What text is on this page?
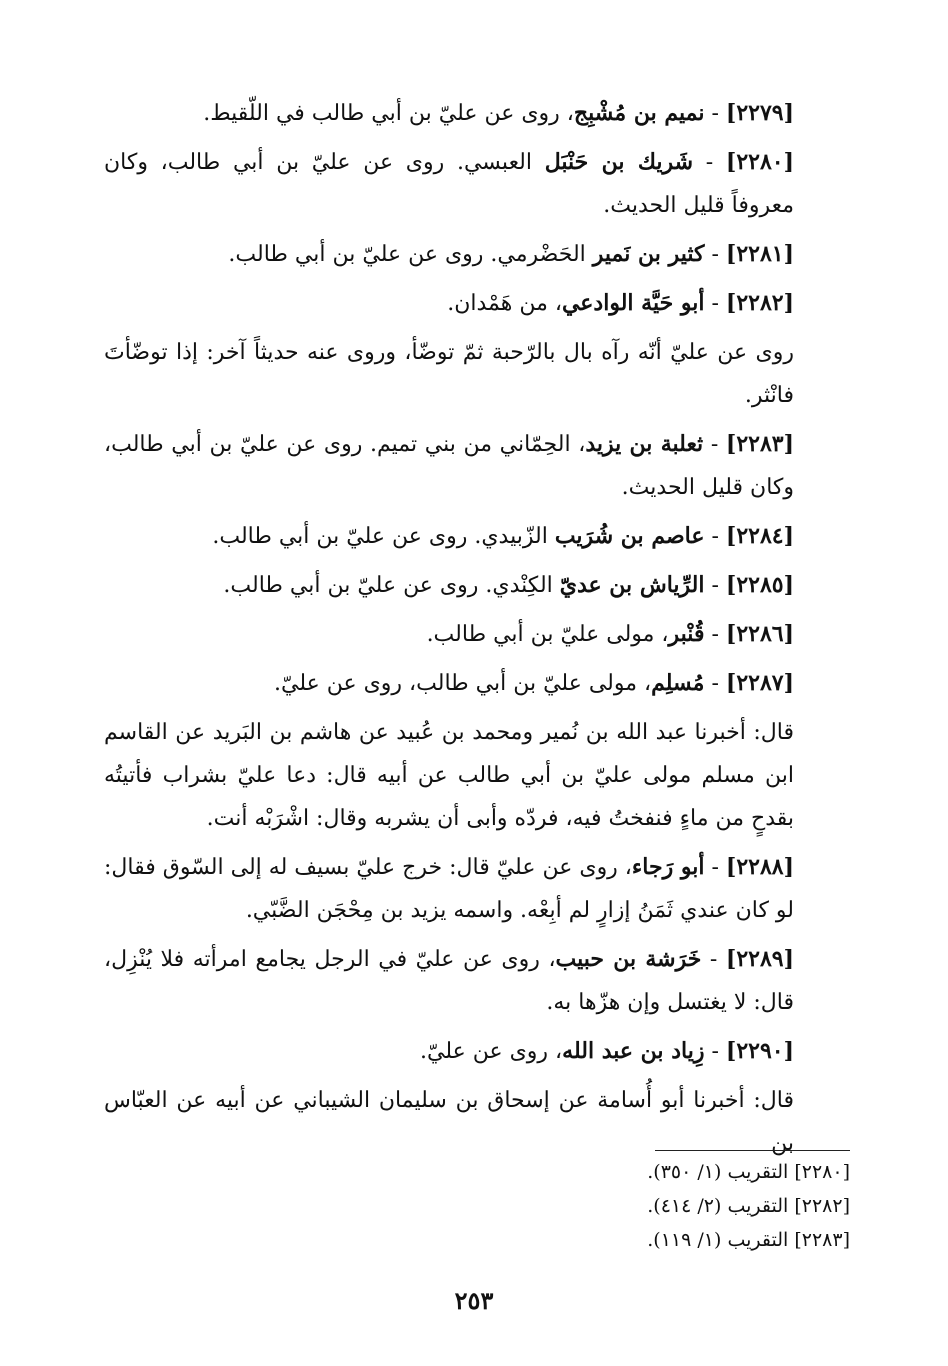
[٢٢٧٩] - نميم بن مُشْبِج، روى عن عليّ بن أبي طالب في اللّقيط.

[٢٢٨٠] - شَريك بن حَنْبَل العبسي. روى عن عليّ بن أبي طالب، وكان معروفاً قليل الحديث.

[٢٢٨١] - كثير بن نَمير الحَضْرمي. روى عن عليّ بن أبي طالب.

[٢٢٨٢] - أبو حَيَّة الوادعي، من هَمْدان.

روى عن عليّ أنّه رآه بال بالرّحبة ثمّ توضّأ، وروى عنه حديثاً آخر: إذا توضّأتَ فانْثر.

[٢٢٨٣] - ثعلبة بن يزيد، الحِمّاني من بني تميم. روى عن عليّ بن أبي طالب، وكان قليل الحديث.

[٢٢٨٤] - عاصم بن شُرَيب الزّبيدي. روى عن عليّ بن أبي طالب.

[٢٢٨٥] - الرِّياش بن عديّ الكِنْدي. روى عن عليّ بن أبي طالب.

[٢٢٨٦] - قُنْبر، مولى عليّ بن أبي طالب.

[٢٢٨٧] - مُسلِم، مولى عليّ بن أبي طالب، روى عن عليّ.

قال: أخبرنا عبد الله بن نُمير ومحمد بن عُبيد عن هاشم بن البَريد عن القاسم ابن مسلم مولى عليّ بن أبي طالب عن أبيه قال: دعا عليّ بشراب فأتيتُه بقدحٍ من ماءٍ فنفختُ فيه، فردّه وأبى أن يشربه وقال: اشْرَبْه أنت.

[٢٢٨٨] - أبو رَجاء، روى عن عليّ قال: خرج عليّ بسيف له إلى السّوق فقال: لو كان عندي ثَمَنُ إزارٍ لم أبِعْه. واسمه يزيد بن مِحْجَن الضَّبّي.

[٢٢٨٩] - خَرَشة بن حبيب، روى عن عليّ في الرجل يجامع امرأته فلا يُنْزِل، قال: لا يغتسل وإن هزّها به.

[٢٢٩٠] - زِياد بن عبد الله، روى عن عليّ.

قال: أخبرنا أبو أُسامة عن إسحاق بن سليمان الشيباني عن أبيه عن العبّاس بن

[٢٢٨٠] التقريب (١/ ٣٥٠).

[٢٢٨٢] التقريب (٢/ ٤١٤).

[٢٢٨٣] التقريب (١/ ١١٩).

٢٥٣
